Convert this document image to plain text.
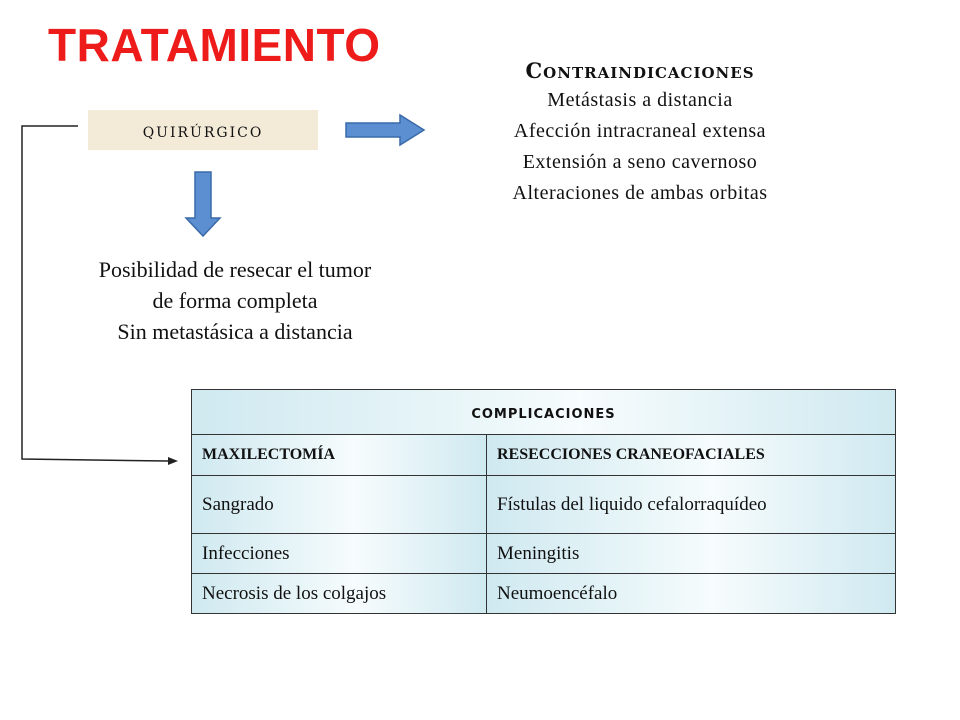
TRATAMIENTO
quirúrgico
Contraindicaciones
Metástasis a distancia
Afección intracraneal extensa
Extensión a seno cavernoso
Alteraciones de ambas orbitas
Posibilidad de resecar el tumor
de forma completa
Sin metastásica a distancia
complicaciones	
MAXILECTOMÍA	RESECCIONES CRANEOFACIALES
Sangrado	Fístulas del liquido cefalorraquídeo
Infecciones	Meningitis
Necrosis de los colgajos	Neumoencéfalo
